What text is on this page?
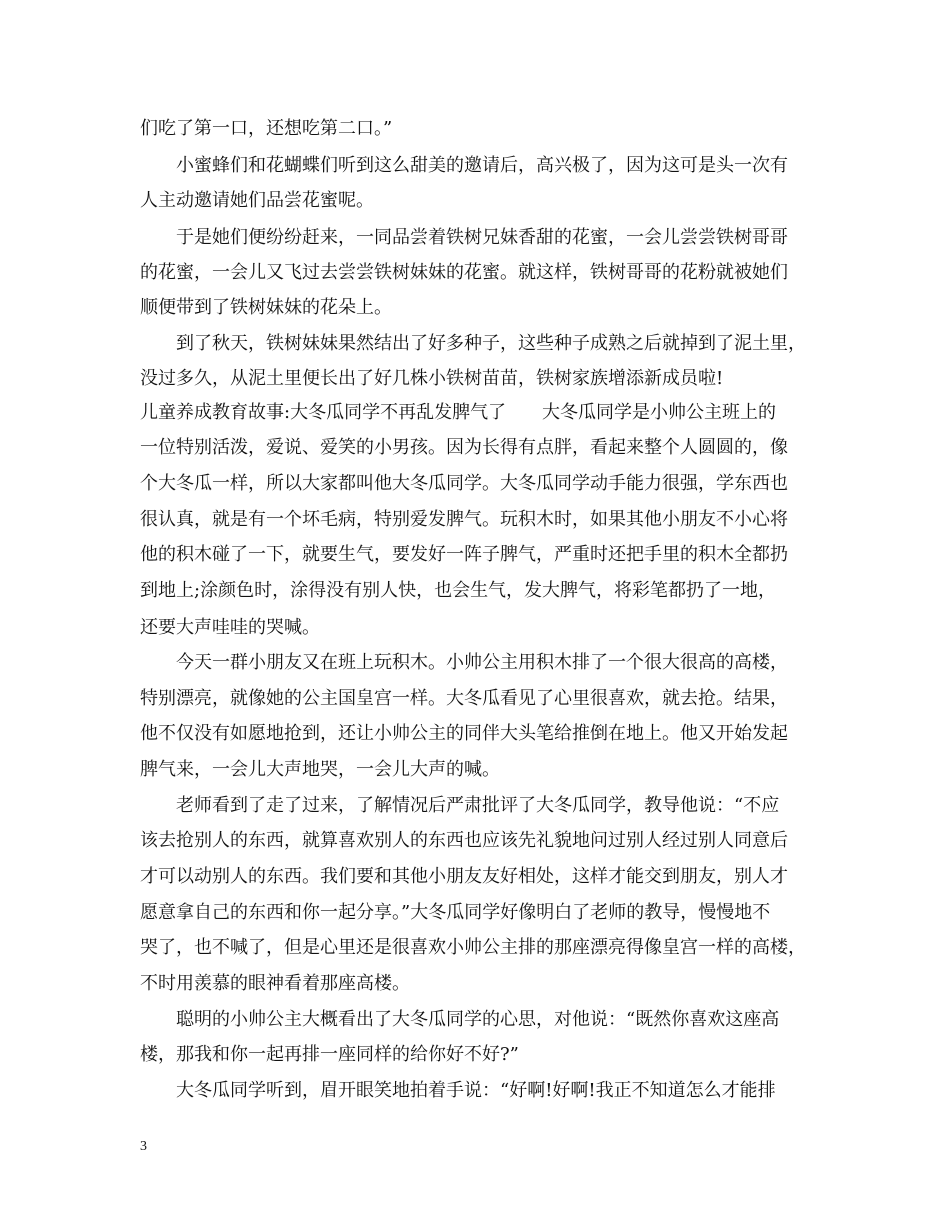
们吃了第一口，还想吃第二口。”
小蜜蜂们和花蝴蝶们听到这么甜美的邀请后，高兴极了，因为这可是头一次有
人主动邀请她们品尝花蜜呢。
于是她们便纷纷赶来，一同品尝着铁树兄妹香甜的花蜜，一会儿尝尝铁树哥哥
的花蜜，一会儿又飞过去尝尝铁树妹妹的花蜜。就这样，铁树哥哥的花粉就被她们
顺便带到了铁树妹妹的花朵上。
到了秋天，铁树妹妹果然结出了好多种子，这些种子成熟之后就掉到了泥土里，
没过多久，从泥土里便长出了好几株小铁树苗苗，铁树家族增添新成员啦!
儿童养成教育故事:大冬瓜同学不再乱发脾气了　　大冬瓜同学是小帅公主班上的
一位特别活泼，爱说、爱笑的小男孩。因为长得有点胖，看起来整个人圆圆的，像
个大冬瓜一样，所以大家都叫他大冬瓜同学。大冬瓜同学动手能力很强，学东西也
很认真，就是有一个坏毛病，特别爱发脾气。玩积木时，如果其他小朋友不小心将
他的积木碰了一下，就要生气，要发好一阵子脾气，严重时还把手里的积木全都扔
到地上;涂颜色时，涂得没有别人快，也会生气，发大脾气，将彩笔都扔了一地，
还要大声哇哇的哭喊。
今天一群小朋友又在班上玩积木。小帅公主用积木排了一个很大很高的高楼，
特别漂亮，就像她的公主国皇宫一样。大冬瓜看见了心里很喜欢，就去抢。结果，
他不仅没有如愿地抢到，还让小帅公主的同伴大头笔给推倒在地上。他又开始发起
脾气来，一会儿大声地哭，一会儿大声的喊。
老师看到了走了过来，了解情况后严肃批评了大冬瓜同学，教导他说：“不应
该去抢别人的东西，就算喜欢别人的东西也应该先礼貌地问过别人经过别人同意后
才可以动别人的东西。我们要和其他小朋友友好相处，这样才能交到朋友，别人才
愿意拿自己的东西和你一起分享。”大冬瓜同学好像明白了老师的教导，慢慢地不
哭了，也不喊了，但是心里还是很喜欢小帅公主排的那座漂亮得像皇宫一样的高楼，
不时用羡慕的眼神看着那座高楼。
聪明的小帅公主大概看出了大冬瓜同学的心思，对他说：“既然你喜欢这座高
楼，那我和你一起再排一座同样的给你好不好?”
大冬瓜同学听到，眉开眼笑地拍着手说：“好啊!好啊!我正不知道怎么才能排
3
